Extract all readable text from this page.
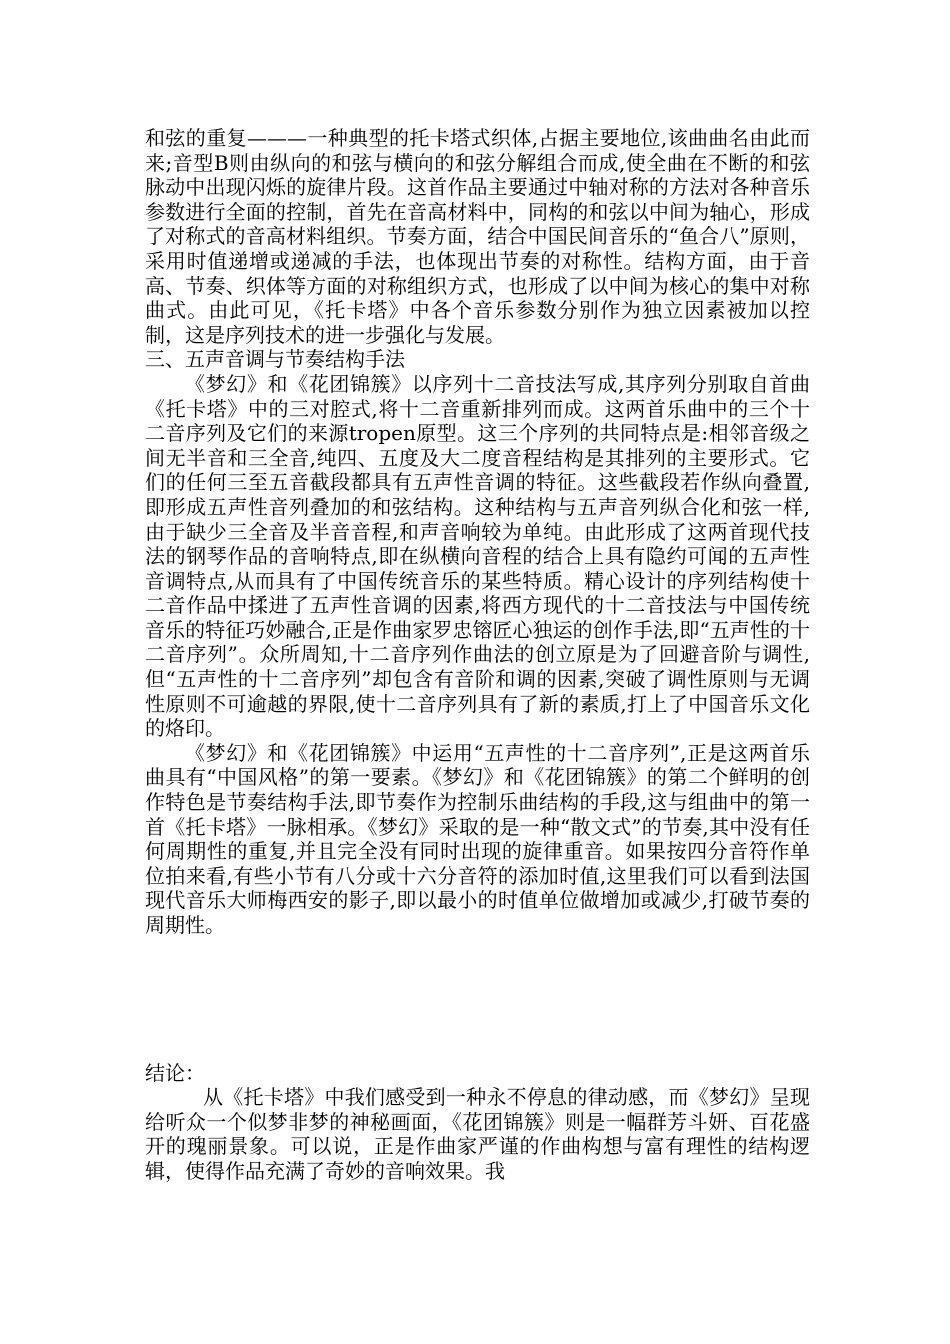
和弦的重复———一种典型的托卡塔式织体,占据主要地位,该曲曲名由此而来;音型B则由纵向的和弦与横向的和弦分解组合而成,使全曲在不断的和弦脉动中出现闪烁的旋律片段。这首作品主要通过中轴对称的方法对各种音乐参数进行全面的控制，首先在音高材料中，同构的和弦以中间为轴心，形成了对称式的音高材料组织。节奏方面，结合中国民间音乐的“鱼合八”原则，采用时值递增或递减的手法，也体现出节奏的对称性。结构方面，由于音高、节奏、织体等方面的对称组织方式，也形成了以中间为核心的集中对称曲式。由此可见，《托卡塔》中各个音乐参数分别作为独立因素被加以控制，这是序列技术的进一步强化与发展。

三、五声音调与节奏结构手法

《梦幻》和《花团锦簇》以序列十二音技法写成,其序列分别取自首曲《托卡塔》中的三对腔式,将十二音重新排列而成。这两首乐曲中的三个十二音序列及它们的来源tropen原型。这三个序列的共同特点是:相邻音级之间无半音和三全音,纯四、五度及大二度音程结构是其排列的主要形式。它们的任何三至五音截段都具有五声性音调的特征。这些截段若作纵向叠置,即形成五声性音列叠加的和弦结构。这种结构与五声音列纵合化和弦一样,由于缺少三全音及半音音程,和声音响较为单纯。由此形成了这两首现代技法的钢琴作品的音响特点,即在纵横向音程的结合上具有隐约可闻的五声性音调特点,从而具有了中国传统音乐的某些特质。精心设计的序列结构使十二音作品中揉进了五声性音调的因素,将西方现代的十二音技法与中国传统音乐的特征巧妙融合,正是作曲家罗忠镕匠心独运的创作手法,即“五声性的十二音序列”。众所周知,十二音序列作曲法的创立原是为了回避音阶与调性,但“五声性的十二音序列”却包含有音阶和调的因素,突破了调性原则与无调性原则不可逾越的界限,使十二音序列具有了新的素质,打上了中国音乐文化的烙印。

《梦幻》和《花团锦簇》中运用“五声性的十二音序列”,正是这两首乐曲具有“中国风格”的第一要素。《梦幻》和《花团锦簇》的第二个鲜明的创作特色是节奏结构手法,即节奏作为控制乐曲结构的手段,这与组曲中的第一首《托卡塔》一脉相承。《梦幻》采取的是一种“散文式”的节奏,其中没有任何周期性的重复,并且完全没有同时出现的旋律重音。如果按四分音符作单位拍来看,有些小节有八分或十六分音符的添加时值,这里我们可以看到法国现代音乐大师梅西安的影子,即以最小的时值单位做增加或减少,打破节奏的周期性。

结论：

从《托卡塔》中我们感受到一种永不停息的律动感，而《梦幻》呈现给听众一个似梦非梦的神秘画面，《花团锦簇》则是一幅群芳斗妍、百花盛开的瑰丽景象。可以说，正是作曲家严谨的作曲构想与富有理性的结构逻辑，使得作品充满了奇妙的音响效果。我
